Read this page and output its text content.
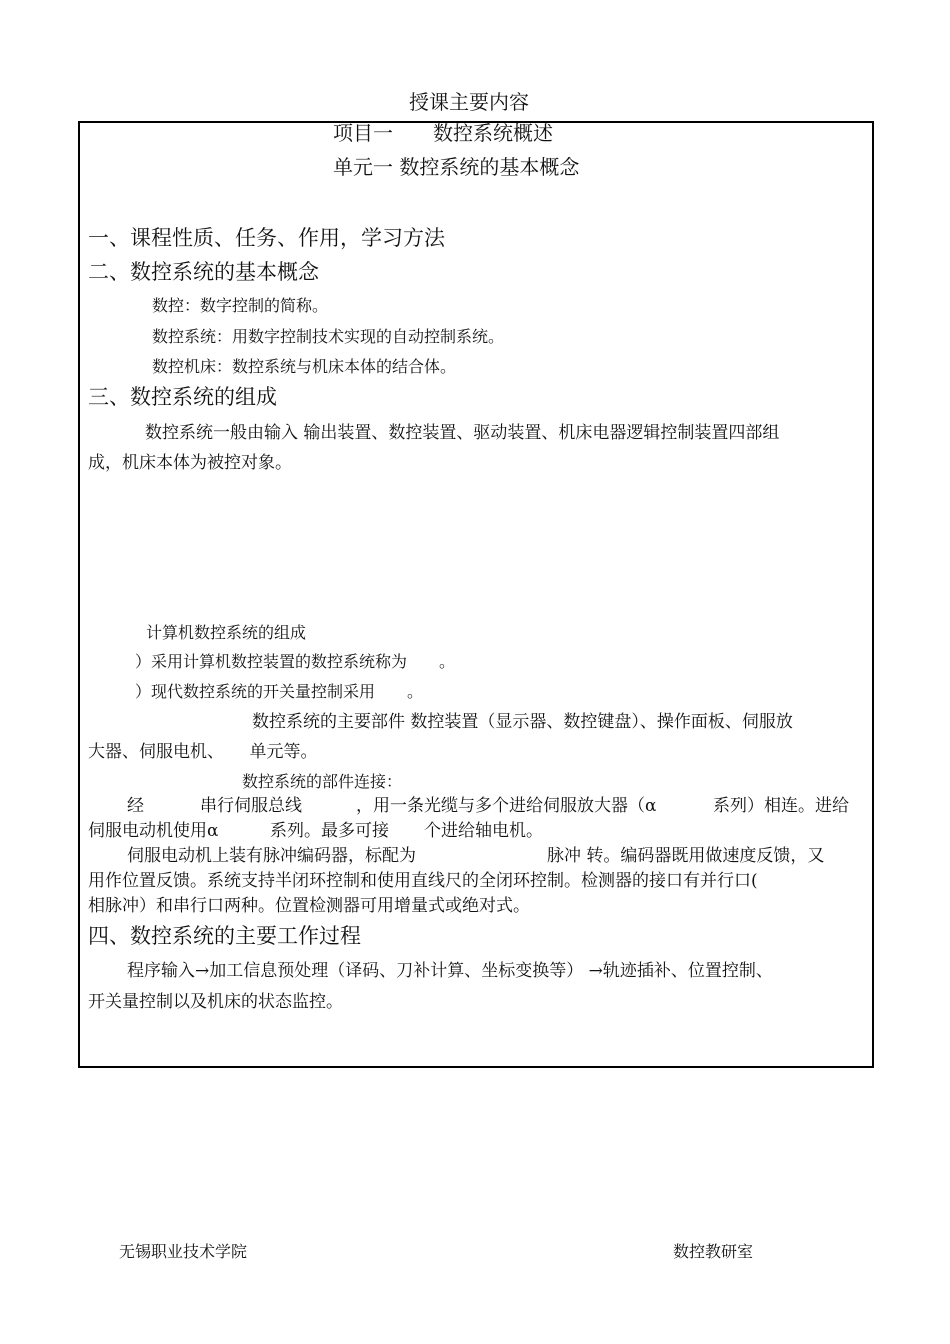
授课主要内容
项目一　　数控系统概述
单元一 数控系统的基本概念
一、课程性质、任务、作用，学习方法
二、数控系统的基本概念
数控：数字控制的简称。
数控系统：用数字控制技术实现的自动控制系统。
数控机床：数控系统与机床本体的结合体。
三、数控系统的组成
数控系统一般由输入 输出装置、数控装置、驱动装置、机床电器逻辑控制装置四部组
成，机床本体为被控对象。
计算机数控系统的组成
）采用计算机数控装置的数控系统称为　　。
）现代数控系统的开关量控制采用　　。
数控系统的主要部件 数控装置（显示器、数控键盘）、操作面板、伺服放
大器、伺服电机、　　单元等。
数控系统的部件连接：
经	串行伺服总线	，用一条光缆与多个进给伺服放大器（α	系列）相连。进给
伺服电动机使用α	系列。最多可接 个进给轴电机。
伺服电动机上装有脉冲编码器，标配为	脉冲 转。编码器既用做速度反馈，又
用作位置反馈。系统支持半闭环控制和使用直线尺的全闭环控制。检测器的接口有并行口(
相脉冲）和串行口两种。位置检测器可用增量式或绝对式。
四、数控系统的主要工作过程
程序输入→加工信息预处理（译码、刀补计算、坐标变换等） →轨迹插补、位置控制、
开关量控制以及机床的状态监控。
无锡职业技术学院	数控教研室
